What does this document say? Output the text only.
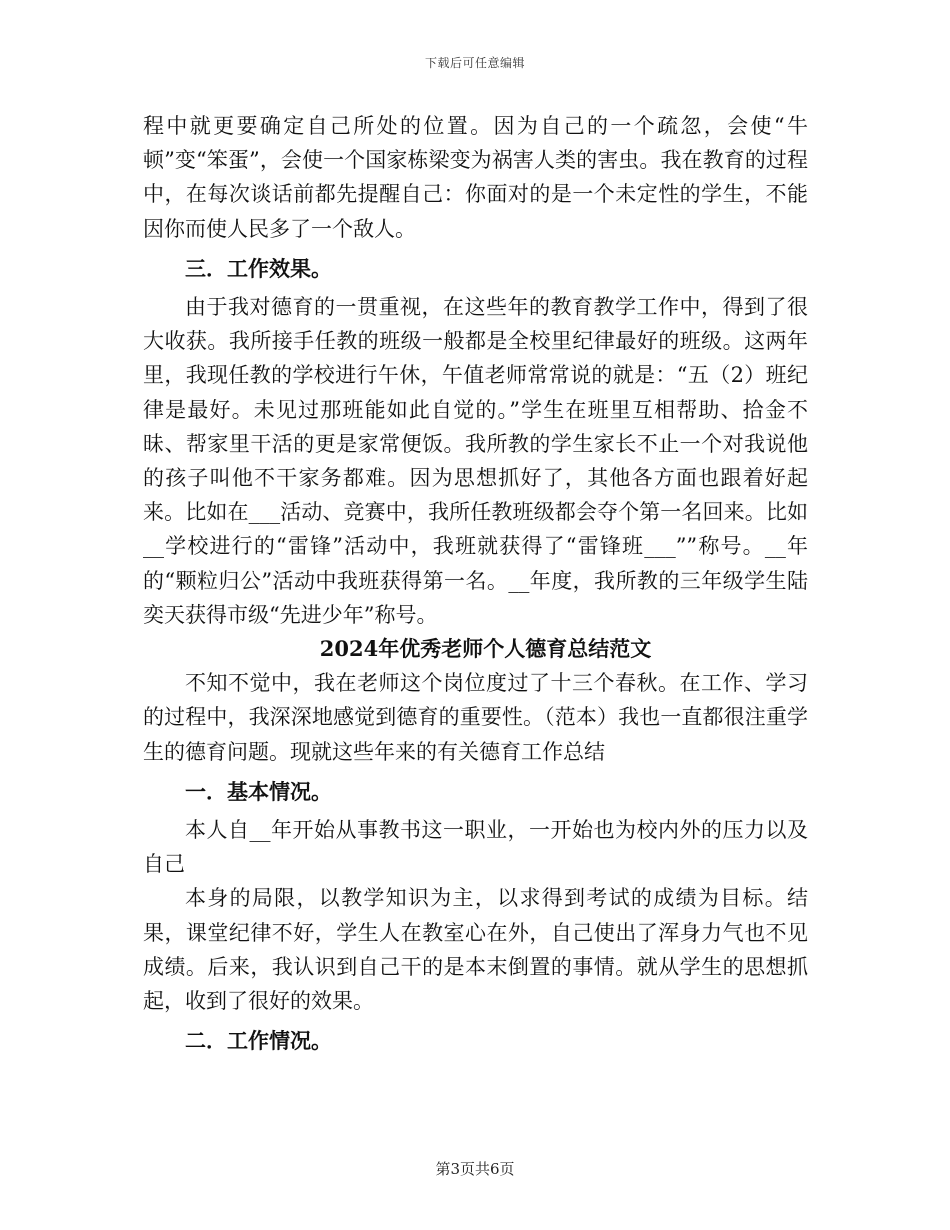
下载后可任意编辑

程中就更要确定自己所处的位置。因为自己的一个疏忽，会使“牛顿”变“笨蛋”，会使一个国家栋梁变为祸害人类的害虫。我在教育的过程中，在每次谈话前都先提醒自己：你面对的是一个未定性的学生，不能因你而使人民多了一个敌人。

三．工作效果。

由于我对德育的一贯重视，在这些年的教育教学工作中，得到了很大收获。我所接手任教的班级一般都是全校里纪律最好的班级。这两年里，我现任教的学校进行午休，午值老师常常说的就是：“五（2）班纪律是最好。未见过那班能如此自觉的。”学生在班里互相帮助、拾金不昧、帮家里干活的更是家常便饭。我所教的学生家长不止一个对我说他的孩子叫他不干家务都难。因为思想抓好了，其他各方面也跟着好起来。比如在___活动、竞赛中，我所任教班级都会夺个第一名回来。比如__学校进行的“雷锋”活动中，我班就获得了“雷锋班___””称号。__年的“颗粒归公”活动中我班获得第一名。__年度，我所教的三年级学生陆奕天获得市级“先进少年”称号。

2024年优秀老师个人德育总结范文

不知不觉中，我在老师这个岗位度过了十三个春秋。在工作、学习的过程中，我深深地感觉到德育的重要性。（范本）我也一直都很注重学生的德育问题。现就这些年来的有关德育工作总结

一．基本情况。

本人自__年开始从事教书这一职业，一开始也为校内外的压力以及自己

本身的局限，以教学知识为主，以求得到考试的成绩为目标。结果，课堂纪律不好，学生人在教室心在外，自己使出了浑身力气也不见成绩。后来，我认识到自己干的是本末倒置的事情。就从学生的思想抓起，收到了很好的效果。

二．工作情况。

第3页共6页
